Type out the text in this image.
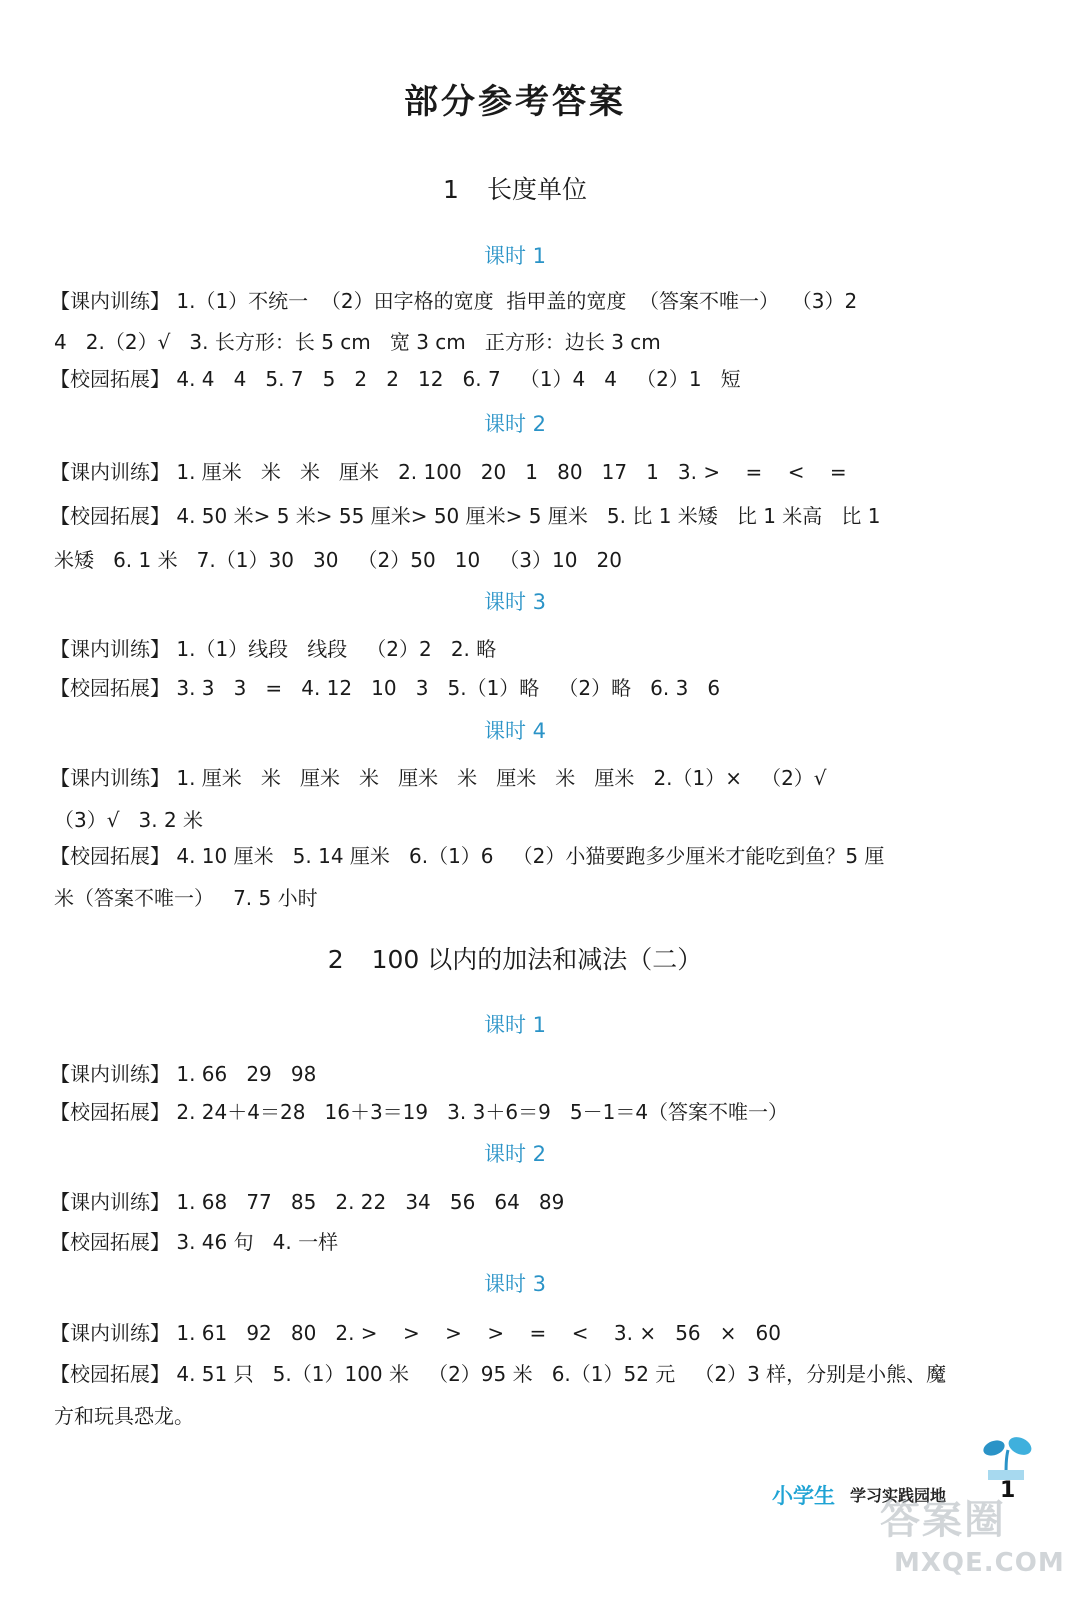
部分参考答案
1 长度单位
课时 1
【课内训练】 1.（1）不统一  （2）田字格的宽度  指甲盖的宽度  （答案不唯一）  （3）2
4   2.（2）√   3. 长方形：长 5 cm   宽 3 cm   正方形：边长 3 cm
【校园拓展】 4. 4   4   5. 7   5   2   2   12   6. 7   （1）4   4   （2）1   短
课时 2
【课内训练】 1. 厘米   米   米   厘米   2. 100   20   1   80   17   1   3. >    =    <    =
【校园拓展】 4. 50 米> 5 米> 55 厘米> 50 厘米> 5 厘米   5. 比 1 米矮   比 1 米高   比 1
米矮   6. 1 米   7.（1）30   30   （2）50   10   （3）10   20
课时 3
【课内训练】 1.（1）线段   线段   （2）2   2. 略
【校园拓展】 3. 3   3   =   4. 12   10   3   5.（1）略   （2）略   6. 3   6
课时 4
【课内训练】 1. 厘米   米   厘米   米   厘米   米   厘米   米   厘米   2.（1）×   （2）√
（3）√   3. 2 米
【校园拓展】 4. 10 厘米   5. 14 厘米   6.（1）6   （2）小猫要跑多少厘米才能吃到鱼？5 厘
米（答案不唯一）   7. 5 小时
2 100 以内的加法和减法（二）
课时 1
【课内训练】 1. 66   29   98
【校园拓展】 2. 24＋4＝28   16＋3＝19   3. 3＋6＝9   5－1＝4（答案不唯一）
课时 2
【课内训练】 1. 68   77   85   2. 22   34   56   64   89
【校园拓展】 3. 46 句   4. 一样
课时 3
【课内训练】 1. 61   92   80   2. >    >    >    >    =    <    3. ×   56   ×   60
【校园拓展】 4. 51 只   5.（1）100 米   （2）95 米   6.（1）52 元   （2）3 样，分别是小熊、魔
方和玩具恐龙。
小学生 学习实践园地 1
答案圈
MXQE.COM
